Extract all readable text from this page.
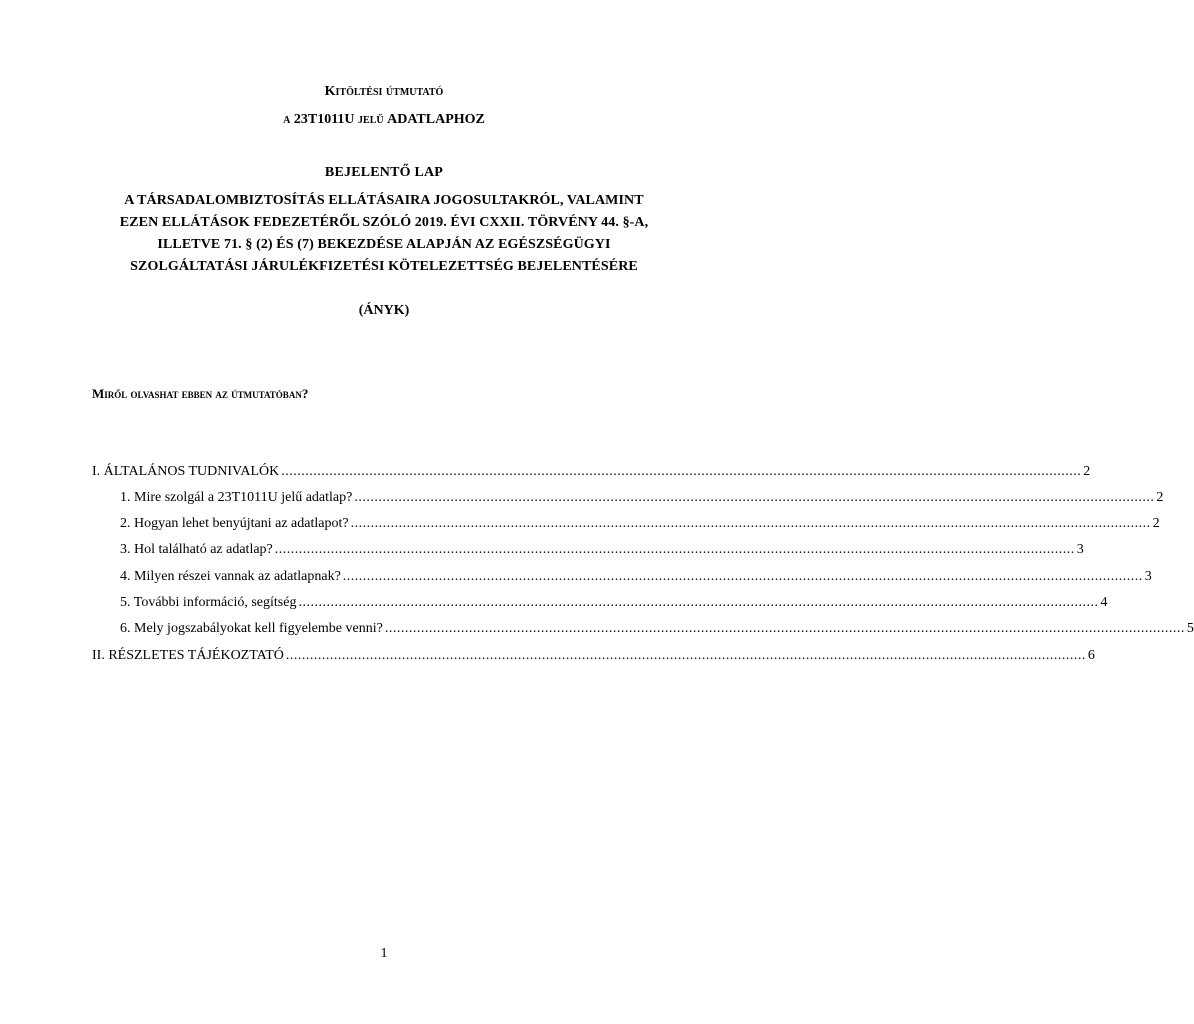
Kitöltési útmutató
a 23T1011U jelű ADATLAPHOZ
BEJELENTŐ LAP
A TÁRSADALOMBIZTOSÍTÁS ELLÁTÁSAIRA JOGOSULTAKRÓL, VALAMINT
EZEN ELLÁTÁSOK FEDEZETÉRŐL SZÓLÓ 2019. ÉVI CXXII. TÖRVÉNY 44. §-A,
ILLETVE 71. § (2) ÉS (7) BEKEZDÉSE ALAPJÁN AZ EGÉSZSÉGÜGYI
SZOLGÁLTATÁSI JÁRULÉKFIZETÉSI KÖTELEZETTSÉG BEJELENTÉSÉRE
(ÁNYK)
Miről olvashat ebben az útmutatóban?
I. ÁLTALÁNOS TUDNIVALÓK ........................................................................................................................................................................................................ 2
1. Mire szolgál a 23T1011U jelű adatlap? ........................................................................................................................................................................................................ 2
2. Hogyan lehet benyújtani az adatlapot? ........................................................................................................................................................................................................ 2
3. Hol található az adatlap? ........................................................................................................................................................................................................ 3
4. Milyen részei vannak az adatlapnak? ........................................................................................................................................................................................................ 3
5. További információ, segítség ........................................................................................................................................................................................................ 4
6. Mely jogszabályokat kell figyelembe venni? ........................................................................................................................................................................................................ 5
II. RÉSZLETES TÁJÉKOZTATÓ ........................................................................................................................................................................................................ 6
1
